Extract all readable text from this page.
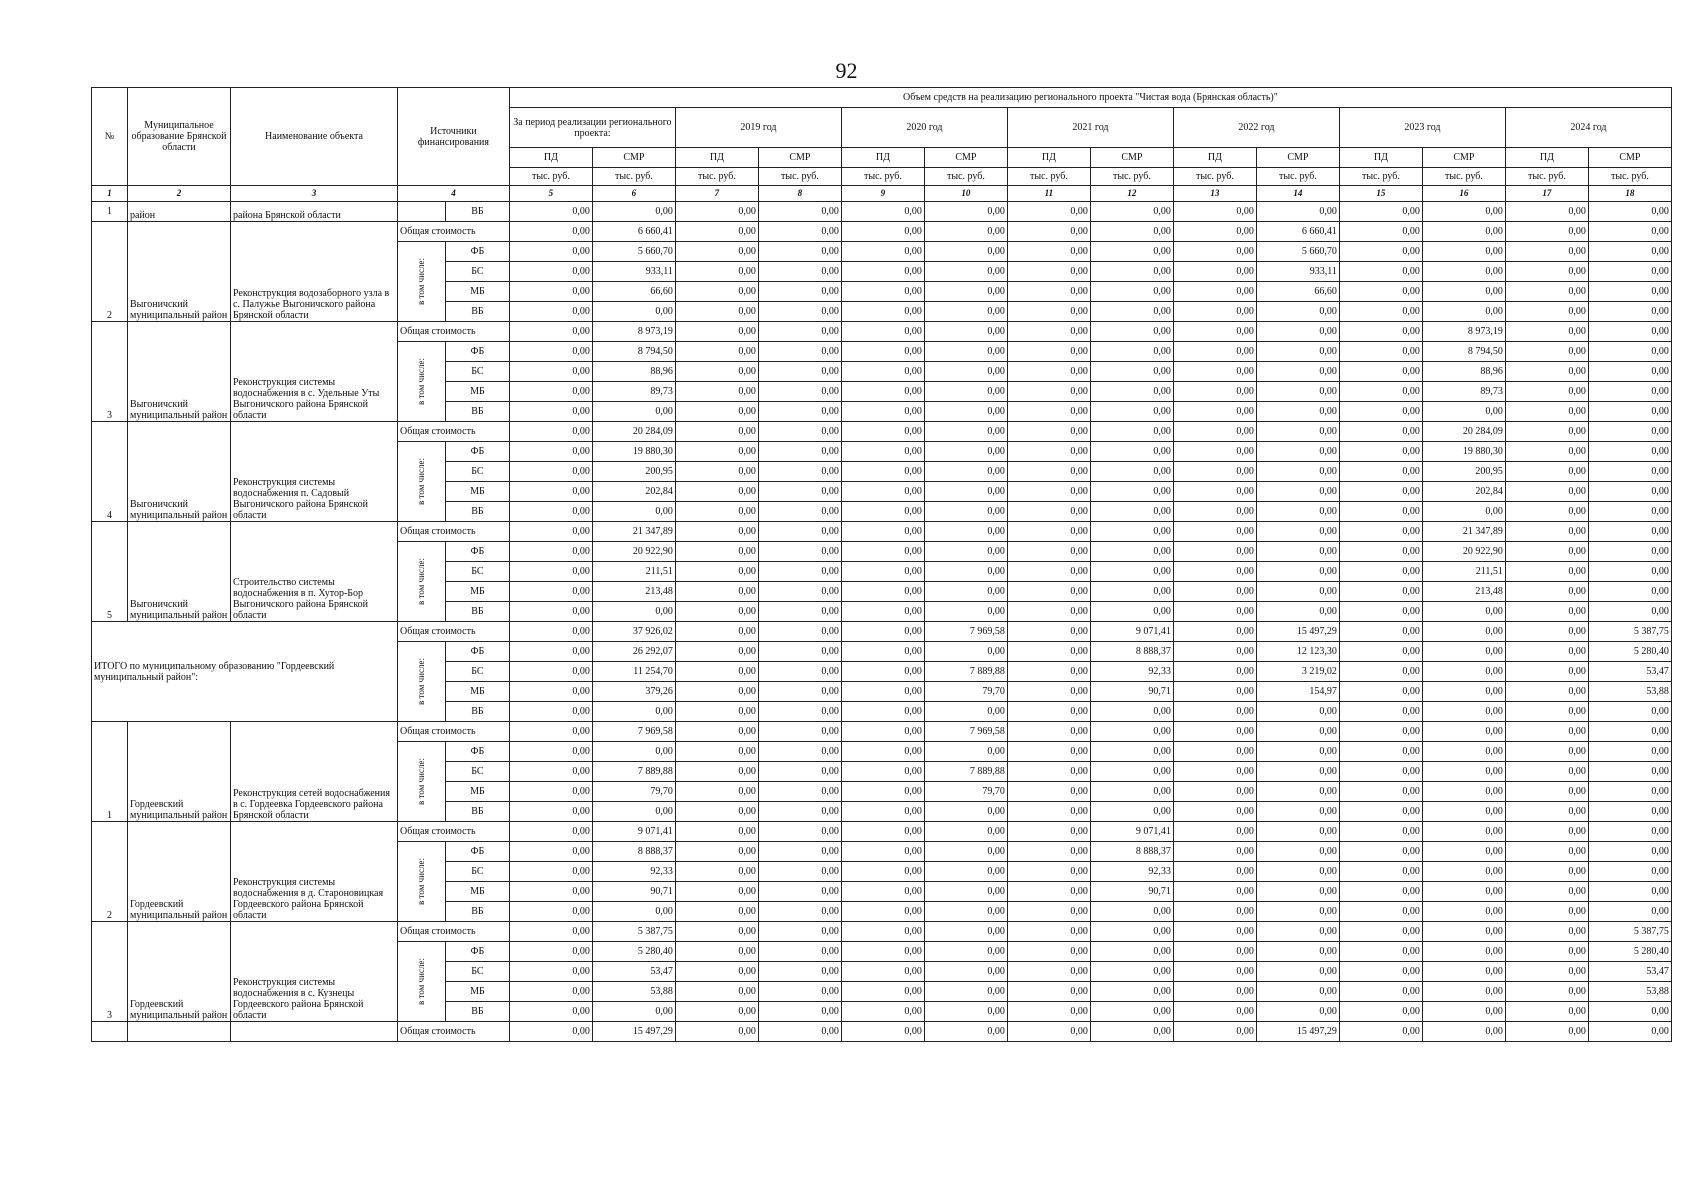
92
№	Муниципальное образование Брянской области	Наименование объекта	Источники финансирования		Объем средств на реализацию регионального проекта "Чистая вода (Брянская область)"													
					За период реализации регионального проекта:		2019 год		2020 год		2021 год		2022 год		2023 год		2024 год	
					ПД	СМР	ПД	СМР	ПД	СМР	ПД	СМР	ПД	СМР	ПД	СМР	ПД	СМР
					тыс. руб.	тыс. руб.	тыс. руб.	тыс. руб.	тыс. руб.	тыс. руб.	тыс. руб.	тыс. руб.	тыс. руб.	тыс. руб.	тыс. руб.	тыс. руб.	тыс. руб.	тыс. руб.
1	2	3	4		5	6	7	8	9	10	11	12	13	14	15	16	17	18
1	район	района Брянской области		ВБ	0,00	0,00	0,00	0,00	0,00	0,00	0,00	0,00	0,00	0,00	0,00	0,00	0,00	0,00
2	Выгоничский муниципальный район	Реконструкция водозаборного узла в с. Палужье Выгоничского района Брянской области	Общая стоимость		0,00	6 660,41	0,00	0,00	0,00	0,00	0,00	0,00	0,00	6 660,41	0,00	0,00	0,00	0,00
			в том числе:	ФБ	0,00	5 660,70	0,00	0,00	0,00	0,00	0,00	0,00	0,00	5 660,70	0,00	0,00	0,00	0,00
				БС	0,00	933,11	0,00	0,00	0,00	0,00	0,00	0,00	0,00	933,11	0,00	0,00	0,00	0,00
				МБ	0,00	66,60	0,00	0,00	0,00	0,00	0,00	0,00	0,00	66,60	0,00	0,00	0,00	0,00
				ВБ	0,00	0,00	0,00	0,00	0,00	0,00	0,00	0,00	0,00	0,00	0,00	0,00	0,00	0,00
3	Выгоничский муниципальный район	Реконструкция системы водоснабжения в с. Удельные Уты Выгоничского района Брянской области	Общая стоимость		0,00	8 973,19	0,00	0,00	0,00	0,00	0,00	0,00	0,00	0,00	0,00	8 973,19	0,00	0,00
			в том числе:	ФБ	0,00	8 794,50	0,00	0,00	0,00	0,00	0,00	0,00	0,00	0,00	0,00	8 794,50	0,00	0,00
				БС	0,00	88,96	0,00	0,00	0,00	0,00	0,00	0,00	0,00	0,00	0,00	88,96	0,00	0,00
				МБ	0,00	89,73	0,00	0,00	0,00	0,00	0,00	0,00	0,00	0,00	0,00	89,73	0,00	0,00
				ВБ	0,00	0,00	0,00	0,00	0,00	0,00	0,00	0,00	0,00	0,00	0,00	0,00	0,00	0,00
4	Выгоничский муниципальный район	Реконструкция системы водоснабжения п. Садовый Выгоничского района Брянской области	Общая стоимость		0,00	20 284,09	0,00	0,00	0,00	0,00	0,00	0,00	0,00	0,00	0,00	20 284,09	0,00	0,00
			в том числе:	ФБ	0,00	19 880,30	0,00	0,00	0,00	0,00	0,00	0,00	0,00	0,00	0,00	19 880,30	0,00	0,00
				БС	0,00	200,95	0,00	0,00	0,00	0,00	0,00	0,00	0,00	0,00	0,00	200,95	0,00	0,00
				МБ	0,00	202,84	0,00	0,00	0,00	0,00	0,00	0,00	0,00	0,00	0,00	202,84	0,00	0,00
				ВБ	0,00	0,00	0,00	0,00	0,00	0,00	0,00	0,00	0,00	0,00	0,00	0,00	0,00	0,00
5	Выгоничский муниципальный район	Строительство системы водоснабжения в п. Хутор-Бор Выгоничского района Брянской области	Общая стоимость		0,00	21 347,89	0,00	0,00	0,00	0,00	0,00	0,00	0,00	0,00	0,00	21 347,89	0,00	0,00
			в том числе:	ФБ	0,00	20 922,90	0,00	0,00	0,00	0,00	0,00	0,00	0,00	0,00	0,00	20 922,90	0,00	0,00
				БС	0,00	211,51	0,00	0,00	0,00	0,00	0,00	0,00	0,00	0,00	0,00	211,51	0,00	0,00
				МБ	0,00	213,48	0,00	0,00	0,00	0,00	0,00	0,00	0,00	0,00	0,00	213,48	0,00	0,00
				ВБ	0,00	0,00	0,00	0,00	0,00	0,00	0,00	0,00	0,00	0,00	0,00	0,00	0,00	0,00
ИТОГО по муниципальному образованию "Гордеевский муниципальный район":			Общая стоимость		0,00	37 926,02	0,00	0,00	0,00	7 969,58	0,00	9 071,41	0,00	15 497,29	0,00	0,00	0,00	5 387,75
			в том числе:	ФБ	0,00	26 292,07	0,00	0,00	0,00	0,00	0,00	8 888,37	0,00	12 123,30	0,00	0,00	0,00	5 280,40
				БС	0,00	11 254,70	0,00	0,00	0,00	7 889,88	0,00	92,33	0,00	3 219,02	0,00	0,00	0,00	53,47
				МБ	0,00	379,26	0,00	0,00	0,00	79,70	0,00	90,71	0,00	154,97	0,00	0,00	0,00	53,88
				ВБ	0,00	0,00	0,00	0,00	0,00	0,00	0,00	0,00	0,00	0,00	0,00	0,00	0,00	0,00
1	Гордеевский муниципальный район	Реконструкция сетей водоснабжения в с. Гордеевка Гордеевского района Брянской области	Общая стоимость		0,00	7 969,58	0,00	0,00	0,00	7 969,58	0,00	0,00	0,00	0,00	0,00	0,00	0,00	0,00
			в том числе:	ФБ	0,00	0,00	0,00	0,00	0,00	0,00	0,00	0,00	0,00	0,00	0,00	0,00	0,00	0,00
				БС	0,00	7 889,88	0,00	0,00	0,00	7 889,88	0,00	0,00	0,00	0,00	0,00	0,00	0,00	0,00
				МБ	0,00	79,70	0,00	0,00	0,00	79,70	0,00	0,00	0,00	0,00	0,00	0,00	0,00	0,00
				ВБ	0,00	0,00	0,00	0,00	0,00	0,00	0,00	0,00	0,00	0,00	0,00	0,00	0,00	0,00
2	Гордеевский муниципальный район	Реконструкция системы водоснабжения в д. Староновицкая Гордеевского района Брянской области	Общая стоимость		0,00	9 071,41	0,00	0,00	0,00	0,00	0,00	9 071,41	0,00	0,00	0,00	0,00	0,00	0,00
			в том числе:	ФБ	0,00	8 888,37	0,00	0,00	0,00	0,00	0,00	8 888,37	0,00	0,00	0,00	0,00	0,00	0,00
				БС	0,00	92,33	0,00	0,00	0,00	0,00	0,00	92,33	0,00	0,00	0,00	0,00	0,00	0,00
				МБ	0,00	90,71	0,00	0,00	0,00	0,00	0,00	90,71	0,00	0,00	0,00	0,00	0,00	0,00
				ВБ	0,00	0,00	0,00	0,00	0,00	0,00	0,00	0,00	0,00	0,00	0,00	0,00	0,00	0,00
3	Гордеевский муниципальный район	Реконструкция системы водоснабжения в с. Кузнецы Гордеевского района Брянской области	Общая стоимость		0,00	5 387,75	0,00	0,00	0,00	0,00	0,00	0,00	0,00	0,00	0,00	0,00	0,00	5 387,75
			в том числе:	ФБ	0,00	5 280,40	0,00	0,00	0,00	0,00	0,00	0,00	0,00	0,00	0,00	0,00	0,00	5 280,40
				БС	0,00	53,47	0,00	0,00	0,00	0,00	0,00	0,00	0,00	0,00	0,00	0,00	0,00	53,47
				МБ	0,00	53,88	0,00	0,00	0,00	0,00	0,00	0,00	0,00	0,00	0,00	0,00	0,00	53,88
				ВБ	0,00	0,00	0,00	0,00	0,00	0,00	0,00	0,00	0,00	0,00	0,00	0,00	0,00	0,00
			Общая стоимость		0,00	15 497,29	0,00	0,00	0,00	0,00	0,00	0,00	0,00	15 497,29	0,00	0,00	0,00	0,00
